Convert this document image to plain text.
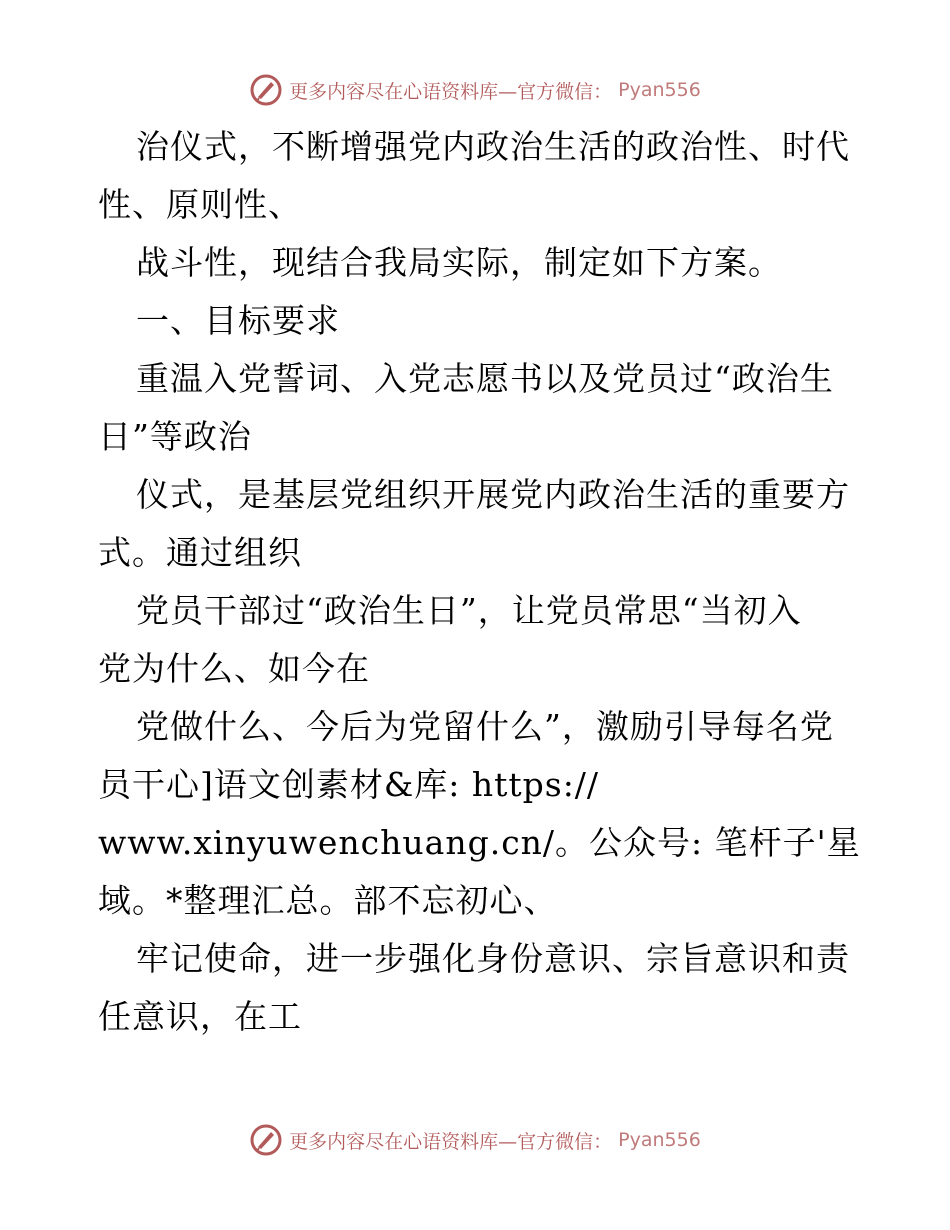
更多内容尽在心语资料库—官方微信： Pyan556
治仪式，不断增强党内政治生活的政治性、时代
性、原则性、
战斗性，现结合我局实际，制定如下方案。
一、目标要求
重温入党誓词、入党志愿书以及党员过“政治生
日”等政治
仪式，是基层党组织开展党内政治生活的重要方
式。通过组织
党员干部过“政治生日”，让党员常思“当初入
党为什么、如今在
党做什么、今后为党留什么”，激励引导每名党
员干心]语文创素材&库: https://
www.xinyuwenchuang.cn/。公众号: 笔杆子'星
域。*整理汇总。部不忘初心、
牢记使命，进一步强化身份意识、宗旨意识和责
任意识，在工
更多内容尽在心语资料库—官方微信： Pyan556
